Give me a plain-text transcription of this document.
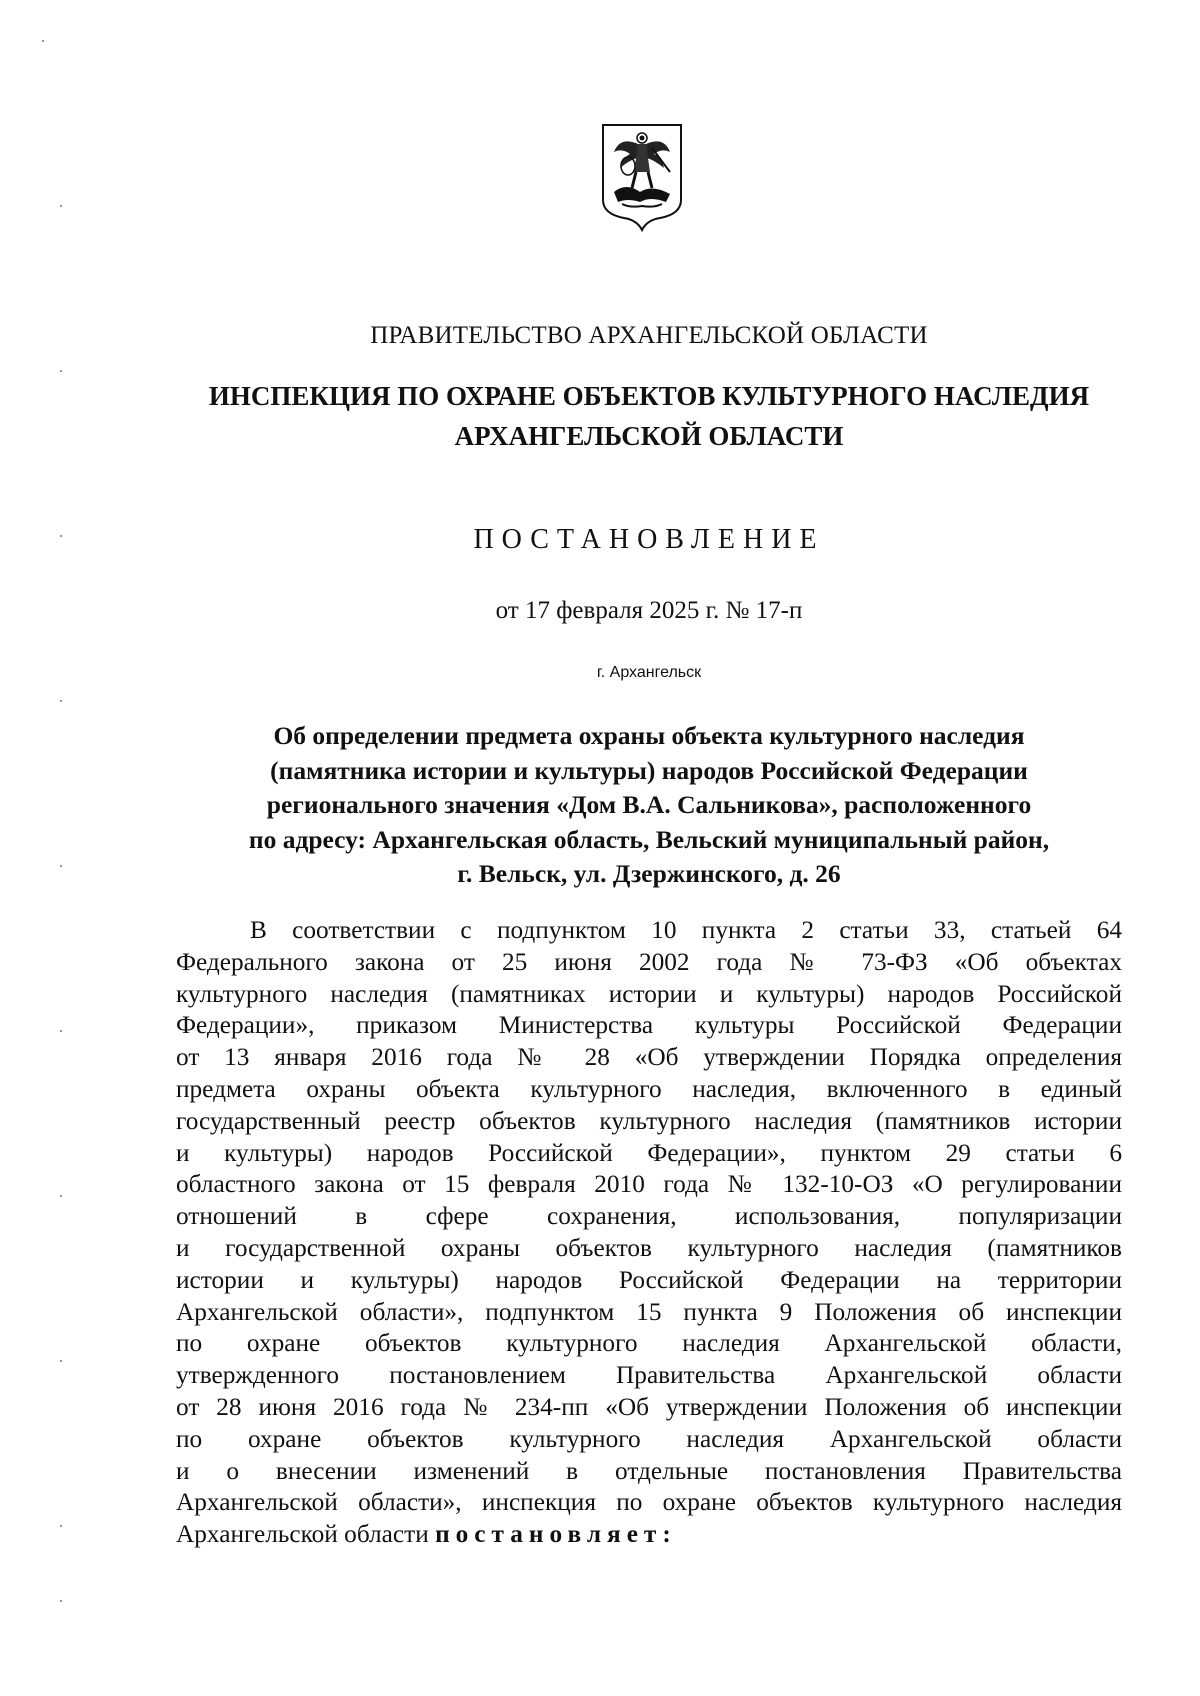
ПРАВИТЕЛЬСТВО АРХАНГЕЛЬСКОЙ ОБЛАСТИ
ИНСПЕКЦИЯ ПО ОХРАНЕ ОБЪЕКТОВ КУЛЬТУРНОГО НАСЛЕДИЯ
АРХАНГЕЛЬСКОЙ ОБЛАСТИ
ПОСТАНОВЛЕНИЕ
от 17 февраля 2025 г. № 17-п
г. Архангельск
Об определении предмета охраны объекта культурного наследия
(памятника истории и культуры) народов Российской Федерации
регионального значения «Дом В.А. Сальникова», расположенного
по адресу: Архангельская область, Вельский муниципальный район,
г. Вельск, ул. Дзержинского, д. 26
В соответствии с подпунктом 10 пункта 2 статьи 33, статьей 64
Федерального закона от 25 июня 2002 года № 73-ФЗ «Об объектах
культурного наследия (памятниках истории и культуры) народов Российской
Федерации», приказом Министерства культуры Российской Федерации
от 13 января 2016 года № 28 «Об утверждении Порядка определения
предмета охраны объекта культурного наследия, включенного в единый
государственный реестр объектов культурного наследия (памятников истории
и культуры) народов Российской Федерации», пунктом 29 статьи 6
областного закона от 15 февраля 2010 года № 132-10-ОЗ «О регулировании
отношений в сфере сохранения, использования, популяризации
и государственной охраны объектов культурного наследия (памятников
истории и культуры) народов Российской Федерации на территории
Архангельской области», подпунктом 15 пункта 9 Положения об инспекции
по охране объектов культурного наследия Архангельской области,
утвержденного постановлением Правительства Архангельской области
от 28 июня 2016 года № 234-пп «Об утверждении Положения об инспекции
по охране объектов культурного наследия Архангельской области
и о внесении изменений в отдельные постановления Правительства
Архангельской области», инспекция по охране объектов культурного наследия
Архангельской области постановляет:
